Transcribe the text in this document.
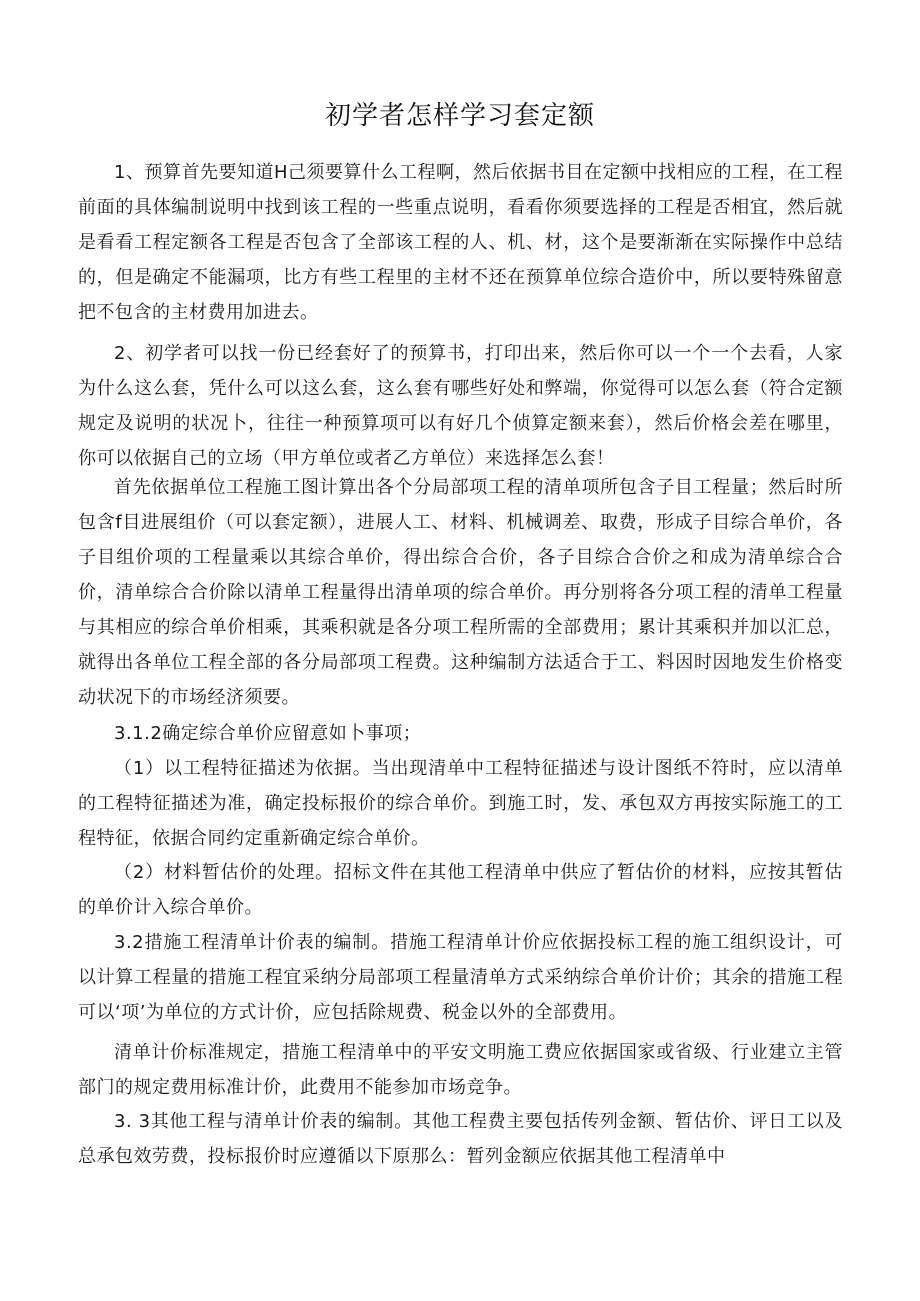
初学者怎样学习套定额

1、预算首先要知道H己须要算什么工程啊，然后依据书目在定额中找相应的工程，在工程前面的具体编制说明中找到该工程的一些重点说明，看看你须要选择的工程是否相宜，然后就是看看工程定额各工程是否包含了全部该工程的人、机、材，这个是要渐渐在实际操作中总结的，但是确定不能漏项，比方有些工程里的主材不还在预算单位综合造价中，所以要特殊留意把不包含的主材费用加进去。

2、初学者可以找一份已经套好了的预算书，打印出来，然后你可以一个一个去看，人家为什么这么套，凭什么可以这么套，这么套有哪些好处和弊端，你觉得可以怎么套（符合定额规定及说明的状况卜，往往一种预算项可以有好几个侦算定额来套），然后价格会差在哪里，你可以依据自己的立场（甲方单位或者乙方单位）来选择怎么套！

首先依据单位工程施工图计算出各个分局部项工程的清单项所包含子目工程量；然后时所包含f目进展组价（可以套定额），进展人工、材料、机械调差、取费，形成子目综合单价，各子目组价项的工程量乘以其综合单价，得出综合合价，各子目综合合价之和成为清单综合合价，清单综合合价除以清单工程量得出清单项的综合单价。再分别将各分项工程的清单工程量与其相应的综合单价相乘，其乘积就是各分项工程所需的全部费用；累计其乘积并加以汇总，就得出各单位工程全部的各分局部项工程费。这种编制方法适合于工、料因时因地发生价格变动状况下的市场经济须要。

3.1.2确定综合单价应留意如卜事项；

（1）以工程特征描述为依据。当出现清单中工程特征描述与设计图纸不符时，应以清单的工程特征描述为准，确定投标报价的综合单价。到施工时，发、承包双方再按实际施工的工程特征，依据合同约定重新确定综合单价。

（2）材料暂估价的处理。招标文件在其他工程清单中供应了暂估价的材料，应按其暂估的单价计入综合单价。

3.2措施工程清单计价表的编制。措施工程清单计价应依据投标工程的施工组织设计，可以计算工程量的措施工程宜采纳分局部项工程量清单方式采纳综合单价计价；其余的措施工程可以‘项’为单位的方式计价，应包括除规费、税金以外的全部费用。

清单计价标准规定，措施工程清单中的平安文明施工费应依据国家或省级、行业建立主管部门的规定费用标准计价，此费用不能参加市场竞争。

3. 3其他工程与清单计价表的编制。其他工程费主要包括传列金额、暂估价、评日工以及总承包效劳费，投标报价时应遵循以下原那么：暂列金额应依据其他工程清单中
